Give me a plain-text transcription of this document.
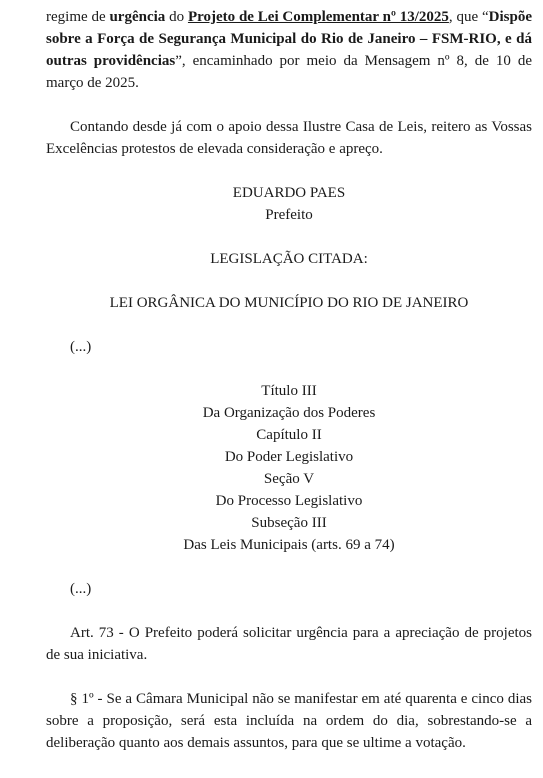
regime de urgência do Projeto de Lei Complementar nº 13/2025, que “Dispõe sobre a Força de Segurança Municipal do Rio de Janeiro – FSM-RIO, e dá outras providências”, encaminhado por meio da Mensagem nº 8, de 10 de março de 2025.

Contando desde já com o apoio dessa Ilustre Casa de Leis, reitero as Vossas Excelências protestos de elevada consideração e apreço.

EDUARDO PAES

Prefeito

LEGISLAÇÃO CITADA:

LEI ORGÂNICA DO MUNICÍPIO DO RIO DE JANEIRO

(...)

Título III

Da Organização dos Poderes

Capítulo II

Do Poder Legislativo

Seção V

Do Processo Legislativo

Subseção III

Das Leis Municipais (arts. 69 a 74)

(...)

Art. 73 - O Prefeito poderá solicitar urgência para a apreciação de projetos de sua iniciativa.

§ 1º - Se a Câmara Municipal não se manifestar em até quarenta e cinco dias sobre a proposição, será esta incluída na ordem do dia, sobrestando-se a deliberação quanto aos demais assuntos, para que se ultime a votação.
